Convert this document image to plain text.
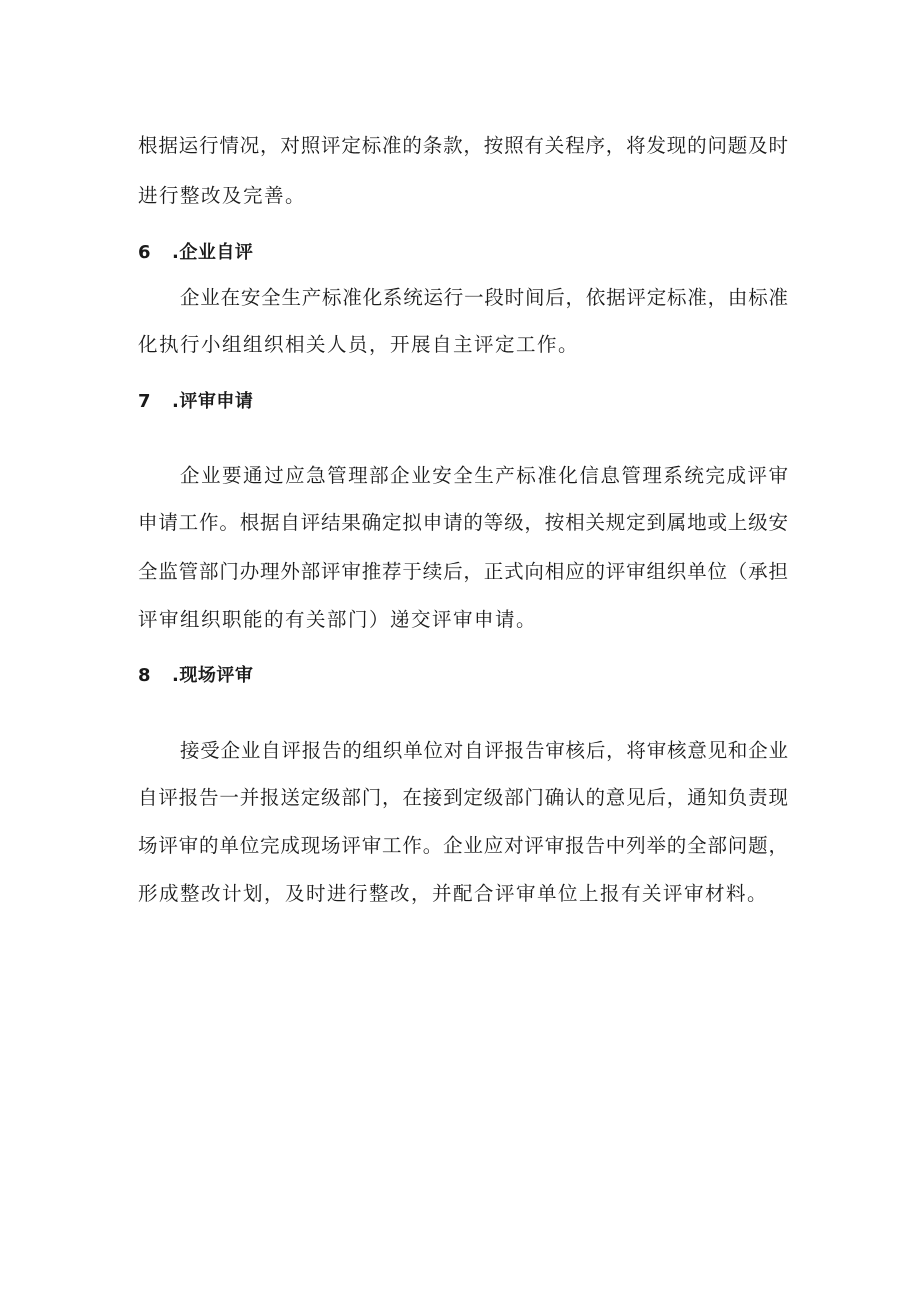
根据运行情况，对照评定标准的条款，按照有关程序，将发现的问题及时
进行整改及完善。
6 .企业自评
企业在安全生产标准化系统运行一段时间后，依据评定标准，由标准
化执行小组组织相关人员，开展自主评定工作。
7 .评审申请
企业要通过应急管理部企业安全生产标准化信息管理系统完成评审
申请工作。根据自评结果确定拟申请的等级，按相关规定到属地或上级安
全监管部门办理外部评审推荐于续后，正式向相应的评审组织单位（承担
评审组织职能的有关部门）递交评审申请。
8 .现场评审
接受企业自评报告的组织单位对自评报告审核后，将审核意见和企业
自评报告一并报送定级部门，在接到定级部门确认的意见后，通知负责现
场评审的单位完成现场评审工作。企业应对评审报告中列举的全部问题，
形成整改计划，及时进行整改，并配合评审单位上报有关评审材料。
